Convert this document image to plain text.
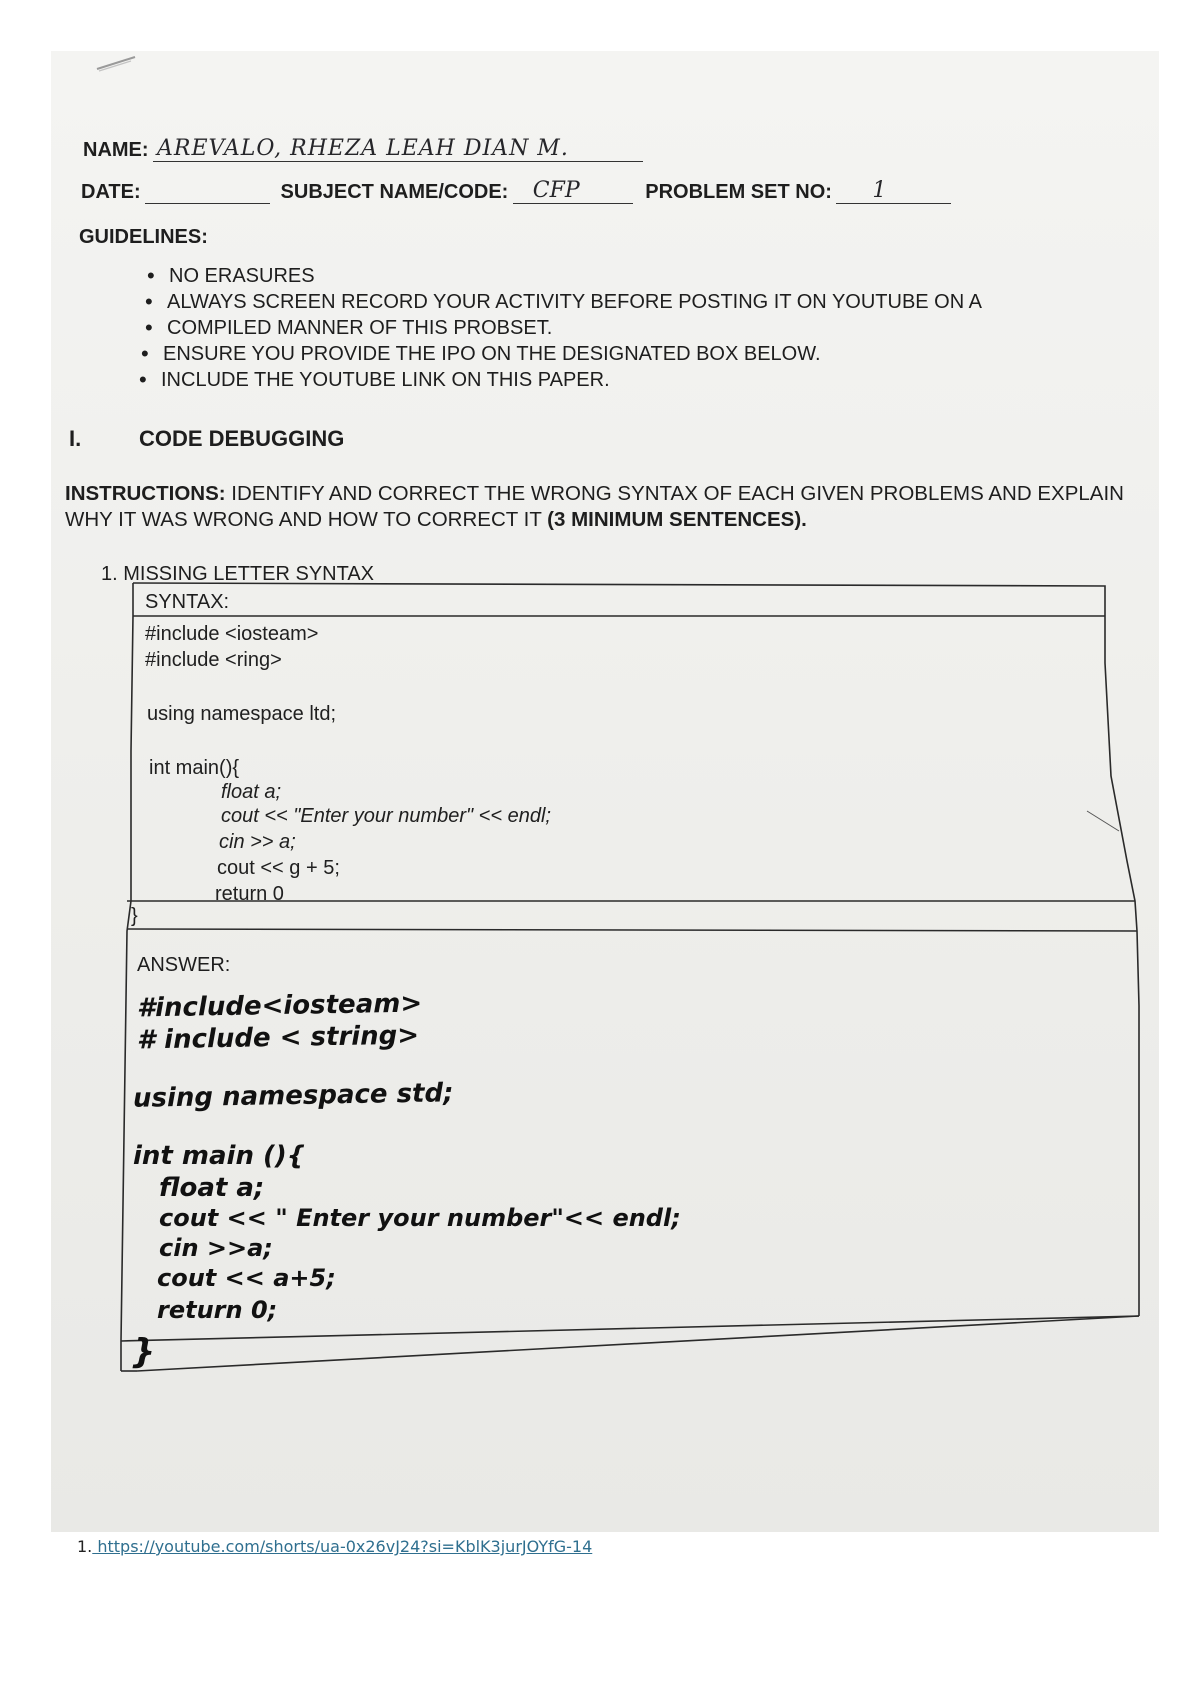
NAME: AREVALO, RHEZA LEAH DIAN M.
DATE:	SUBJECT NAME/CODE: CFP	PROBLEM SET NO: 1
GUIDELINES:
• NO ERASURES
• ALWAYS SCREEN RECORD YOUR ACTIVITY BEFORE POSTING IT ON YOUTUBE ON A
• COMPILED MANNER OF THIS PROBSET.
• ENSURE YOU PROVIDE THE IPO ON THE DESIGNATED BOX BELOW.
• INCLUDE THE YOUTUBE LINK ON THIS PAPER.
I.	CODE DEBUGGING
INSTRUCTIONS: IDENTIFY AND CORRECT THE WRONG SYNTAX OF EACH GIVEN PROBLEMS AND EXPLAIN WHY IT WAS WRONG AND HOW TO CORRECT IT (3 MINIMUM SENTENCES).
1. MISSING LETTER SYNTAX
SYNTAX:
#include <iosteam>
#include <ring>
using namespace ltd;
int main(){
float a;
cout << "Enter your number" << endl;
cin >> a;
cout << g + 5;
return 0
}
ANSWER:
#include<iosteam>
# include < string>
using namespace std;
int main (){
float a;
cout << " Enter your number"<< endl;
cin >>a;
cout << a+5;
return 0;
}
1. https://youtube.com/shorts/ua-0x26vJ24?si=KblK3jurJOYfG-14
